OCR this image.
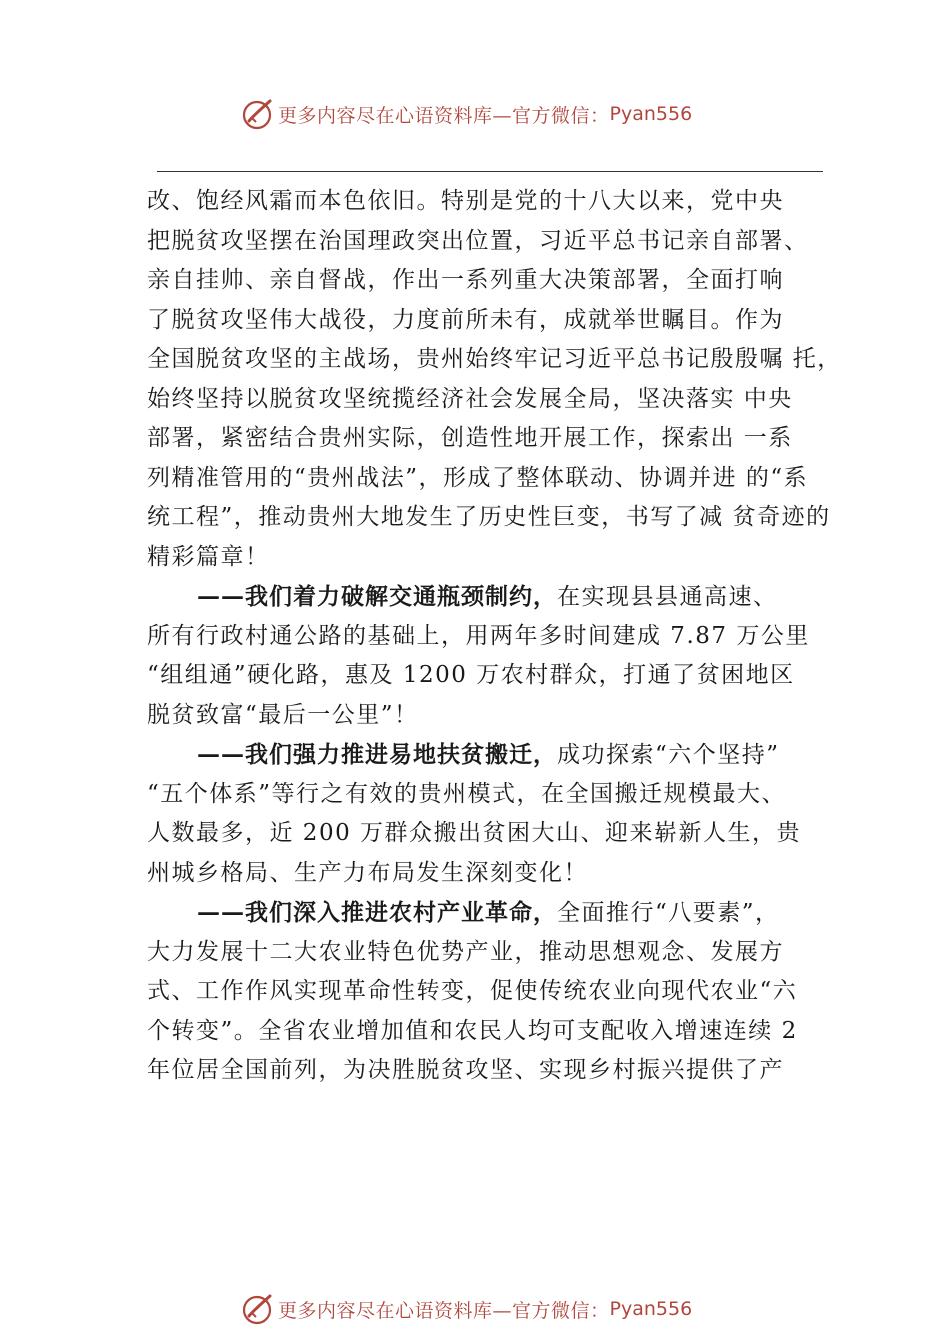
更多内容尽在心语资料库—官方微信： Pyan556
改、饱经风霜而本色依旧。特别是党的十八大以来，党中央
把脱贫攻坚摆在治国理政突出位置，习近平总书记亲自部署、
亲自挂帅、亲自督战，作出一系列重大决策部署，全面打响
了脱贫攻坚伟大战役，力度前所未有，成就举世瞩目。作为
全国脱贫攻坚的主战场，贵州始终牢记习近平总书记殷殷嘱 托，
始终坚持以脱贫攻坚统揽经济社会发展全局，坚决落实 中央
部署，紧密结合贵州实际，创造性地开展工作，探索出 一系
列精准管用的“贵州战法”，形成了整体联动、协调并进 的“系
统工程”，推动贵州大地发生了历史性巨变，书写了减 贫奇迹的
精彩篇章！
——我们着力破解交通瓶颈制约，在实现县县通高速、
所有行政村通公路的基础上，用两年多时间建成 7.87 万公里
“组组通”硬化路，惠及 1200 万农村群众，打通了贫困地区
脱贫致富“最后一公里”！
——我们强力推进易地扶贫搬迁，成功探索“六个坚持”
“五个体系”等行之有效的贵州模式，在全国搬迁规模最大、
人数最多，近 200 万群众搬出贫困大山、迎来崭新人生，贵
州城乡格局、生产力布局发生深刻变化！
——我们深入推进农村产业革命，全面推行“八要素”，
大力发展十二大农业特色优势产业，推动思想观念、发展方
式、工作作风实现革命性转变，促使传统农业向现代农业“六
个转变”。全省农业增加值和农民人均可支配收入增速连续 2
年位居全国前列，为决胜脱贫攻坚、实现乡村振兴提供了产
更多内容尽在心语资料库—官方微信： Pyan556
